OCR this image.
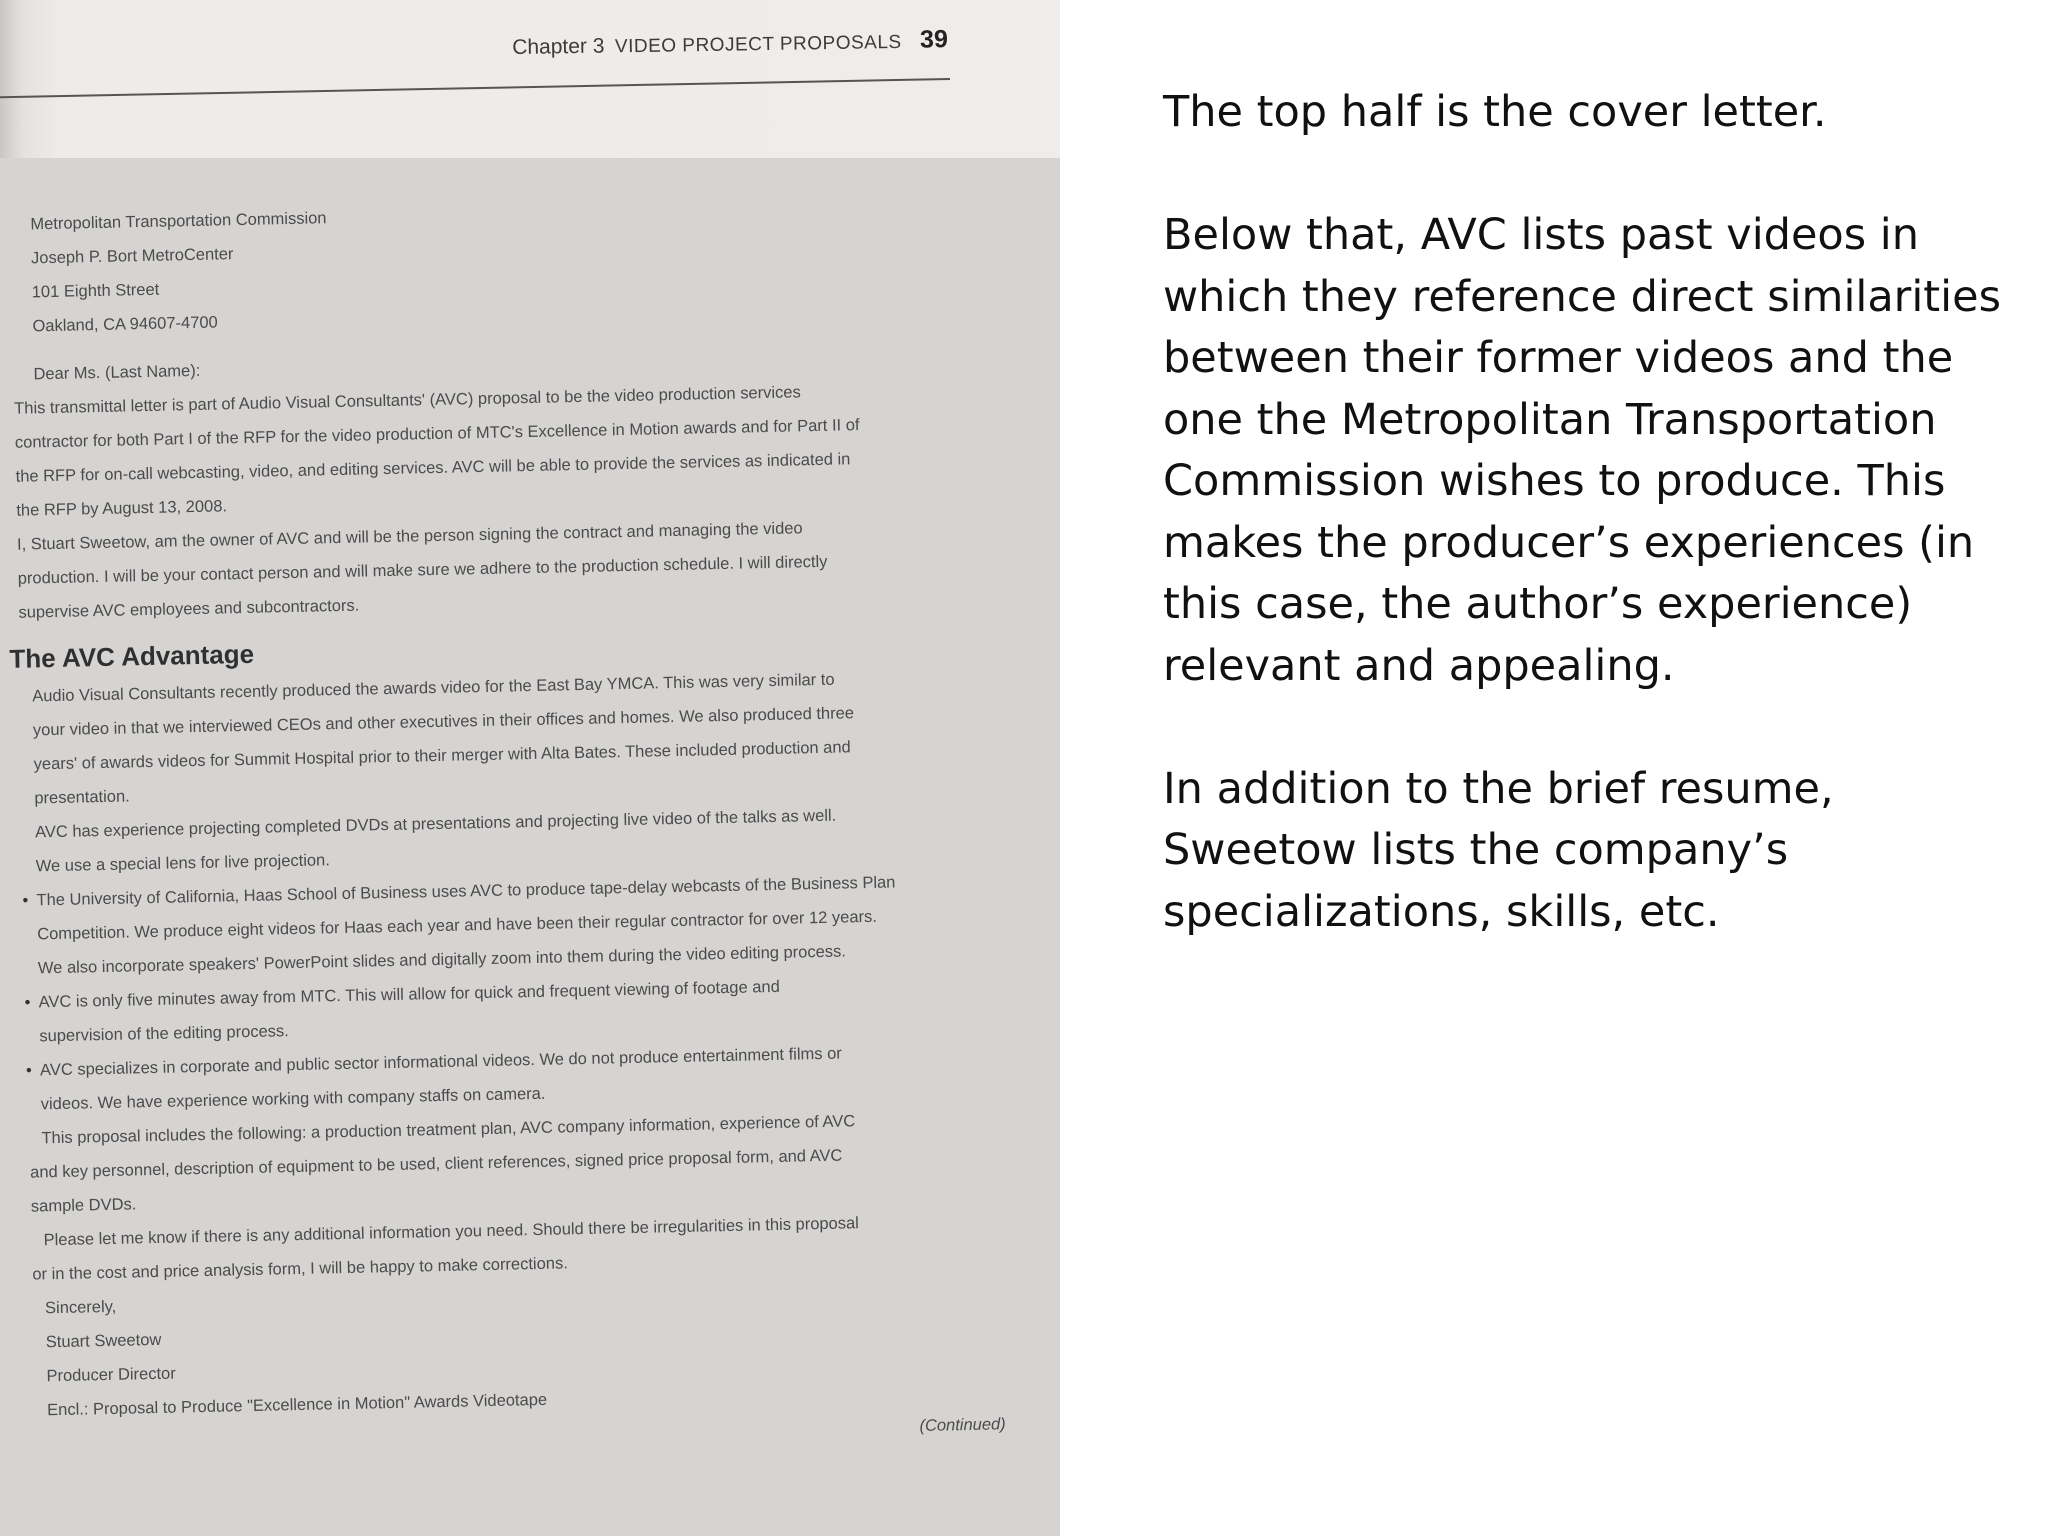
Chapter 3 VIDEO PROJECT PROPOSALS 39
Metropolitan Transportation Commission
Joseph P. Bort MetroCenter
101 Eighth Street
Oakland, CA 94607-4700
Dear Ms. (Last Name):
This transmittal letter is part of Audio Visual Consultants' (AVC) proposal to be the video production services
contractor for both Part I of the RFP for the video production of MTC's Excellence in Motion awards and for Part II of
the RFP for on-call webcasting, video, and editing services. AVC will be able to provide the services as indicated in
the RFP by August 13, 2008.
I, Stuart Sweetow, am the owner of AVC and will be the person signing the contract and managing the video
production. I will be your contact person and will make sure we adhere to the production schedule. I will directly
supervise AVC employees and subcontractors.
The AVC Advantage
Audio Visual Consultants recently produced the awards video for the East Bay YMCA. This was very similar to
your video in that we interviewed CEOs and other executives in their offices and homes. We also produced three
years' of awards videos for Summit Hospital prior to their merger with Alta Bates. These included production and
presentation.
AVC has experience projecting completed DVDs at presentations and projecting live video of the talks as well.
We use a special lens for live projection.
• The University of California, Haas School of Business uses AVC to produce tape-delay webcasts of the Business Plan
Competition. We produce eight videos for Haas each year and have been their regular contractor for over 12 years.
We also incorporate speakers' PowerPoint slides and digitally zoom into them during the video editing process.
• AVC is only five minutes away from MTC. This will allow for quick and frequent viewing of footage and
supervision of the editing process.
• AVC specializes in corporate and public sector informational videos. We do not produce entertainment films or
videos. We have experience working with company staffs on camera.
This proposal includes the following: a production treatment plan, AVC company information, experience of AVC
and key personnel, description of equipment to be used, client references, signed price proposal form, and AVC
sample DVDs.
Please let me know if there is any additional information you need. Should there be irregularities in this proposal
or in the cost and price analysis form, I will be happy to make corrections.
Sincerely,
Stuart Sweetow
Producer Director
Encl.: Proposal to Produce "Excellence in Motion" Awards Videotape
(Continued)

The top half is the cover letter.

Below that, AVC lists past videos in which they reference direct similarities between their former videos and the one the Metropolitan Transportation Commission wishes to produce. This makes the producer’s experiences (in this case, the author’s experience) relevant and appealing.

In addition to the brief resume, Sweetow lists the company’s specializations, skills, etc.
